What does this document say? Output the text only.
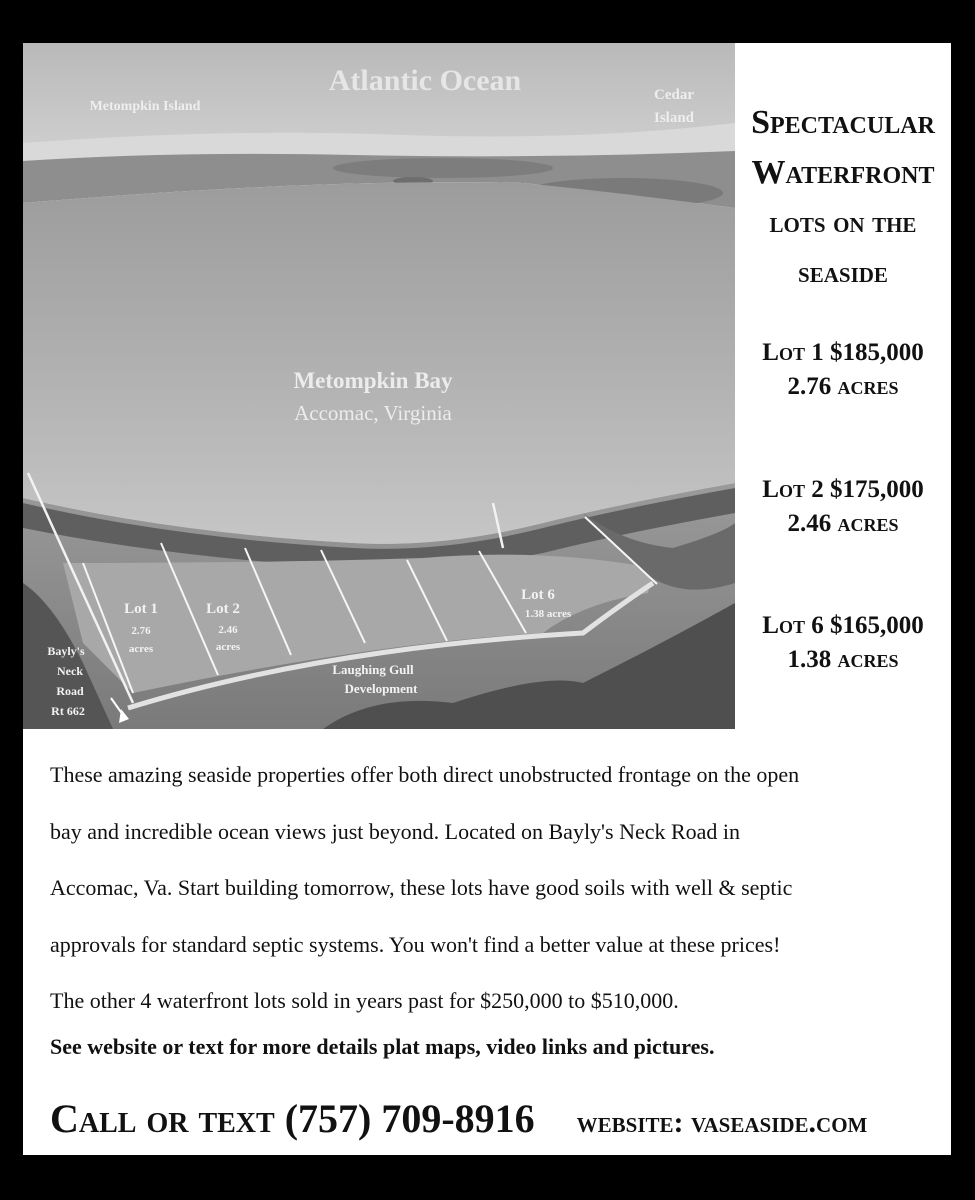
Atlantic Ocean
Metompkin Island
Cedar
Island
Metompkin Bay
Accomac, Virginia
Lot 1
2.76
acres
Lot 2
2.46
acres
Lot 6
1.38 acres
Bayly's
Neck
Road
Rt 662
Laughing Gull
Development
Spectacular
Waterfront
lots on the
seaside
Lot 1 $185,000
2.76 acres
Lot 2 $175,000
2.46 acres
Lot 6 $165,000
1.38 acres

These amazing seaside properties offer both direct unobstructed frontage on the open

bay and incredible ocean views just beyond. Located on Bayly's Neck Road in

Accomac, Va. Start building tomorrow, these lots have good soils with well & septic

approvals for standard septic systems. You won't find a better value at these prices!

The other 4 waterfront lots sold in years past for $250,000 to $510,000.

See website or text for more details plat maps, video links and pictures.
Call or text (757) 709-8916 website: vaseaside.com
